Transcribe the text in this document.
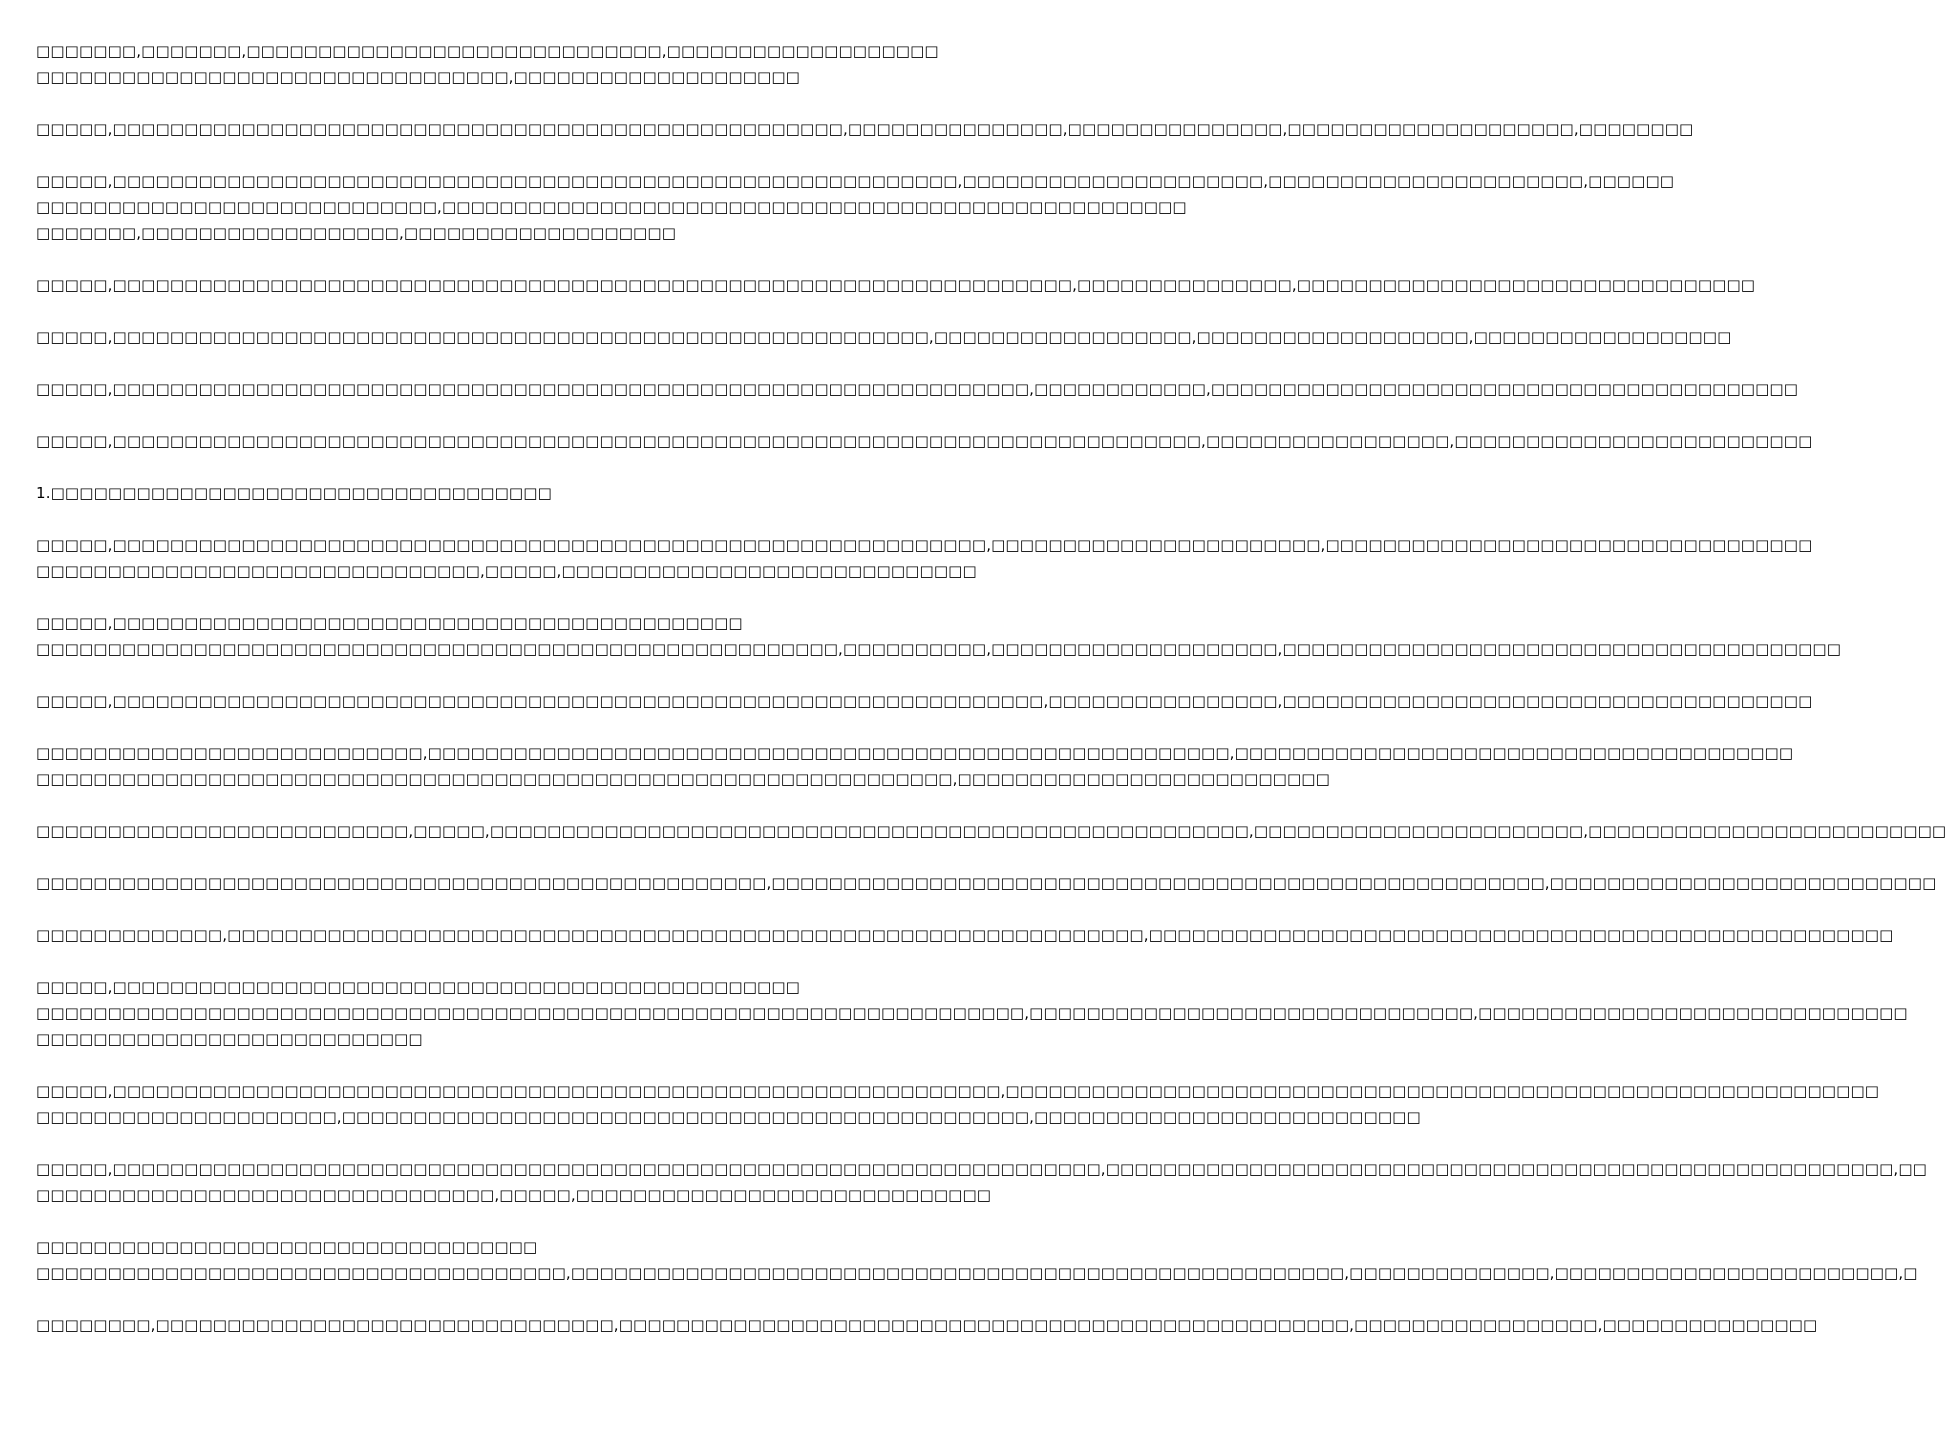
□□□□□□□,□□□□□□□,□□□□□□□□□□□□□□□□□□□□□□□□□□□□□,□□□□□□□□□□□□□□□□□□□
□□□□□□□□□□□□□□□□□□□□□□□□□□□□□□□□□,□□□□□□□□□□□□□□□□□□□□
□□□□□,□□□□□□□□□□□□□□□□□□□□□□□□□□□□□□□□□□□□□□□□□□□□□□□□□□□,□□□□□□□□□□□□□□□,□□□□□□□□□□□□□□□,□□□□□□□□□□□□□□□□□□□□,□□□□□□□□
□□□□□,□□□□□□□□□□□□□□□□□□□□□□□□□□□□□□□□□□□□□□□□□□□□□□□□□□□□□□□□□□□,□□□□□□□□□□□□□□□□□□□□□,□□□□□□□□□□□□□□□□□□□□□□,□□□□□□
□□□□□□□□□□□□□□□□□□□□□□□□□□□□,□□□□□□□□□□□□□□□□□□□□□□□□□□□□□□□□□□□□□□□□□□□□□□□□□□□□
□□□□□□□,□□□□□□□□□□□□□□□□□□,□□□□□□□□□□□□□□□□□□□
□□□□□,□□□□□□□□□□□□□□□□□□□□□□□□□□□□□□□□□□□□□□□□□□□□□□□□□□□□□□□□□□□□□□□□□□□,□□□□□□□□□□□□□□□,□□□□□□□□□□□□□□□□□□□□□□□□□□□□□□□□
□□□□□,□□□□□□□□□□□□□□□□□□□□□□□□□□□□□□□□□□□□□□□□□□□□□□□□□□□□□□□□□,□□□□□□□□□□□□□□□□□□,□□□□□□□□□□□□□□□□□□□,□□□□□□□□□□□□□□□□□□
□□□□□,□□□□□□□□□□□□□□□□□□□□□□□□□□□□□□□□□□□□□□□□□□□□□□□□□□□□□□□□□□□□□□□□,□□□□□□□□□□□□,□□□□□□□□□□□□□□□□□□□□□□□□□□□□□□□□□□□□□□□□□
□□□□□,□□□□□□□□□□□□□□□□□□□□□□□□□□□□□□□□□□□□□□□□□□□□□□□□□□□□□□□□□□□□□□□□□□□□□□□□□□□□,□□□□□□□□□□□□□□□□□,□□□□□□□□□□□□□□□□□□□□□□□□□
1.□□□□□□□□□□□□□□□□□□□□□□□□□□□□□□□□□□□
□□□□□,□□□□□□□□□□□□□□□□□□□□□□□□□□□□□□□□□□□□□□□□□□□□□□□□□□□□□□□□□□□□□,□□□□□□□□□□□□□□□□□□□□□□□,□□□□□□□□□□□□□□□□□□□□□□□□□□□□□□□□□□
□□□□□□□□□□□□□□□□□□□□□□□□□□□□□□□,□□□□□,□□□□□□□□□□□□□□□□□□□□□□□□□□□□□
□□□□□,□□□□□□□□□□□□□□□□□□□□□□□□□□□□□□□□□□□□□□□□□□□□
□□□□□□□□□□□□□□□□□□□□□□□□□□□□□□□□□□□□□□□□□□□□□□□□□□□□□□□□,□□□□□□□□□□,□□□□□□□□□□□□□□□□□□□□,□□□□□□□□□□□□□□□□□□□□□□□□□□□□□□□□□□□□□□□
□□□□□,□□□□□□□□□□□□□□□□□□□□□□□□□□□□□□□□□□□□□□□□□□□□□□□□□□□□□□□□□□□□□□□□□,□□□□□□□□□□□□□□□□,□□□□□□□□□□□□□□□□□□□□□□□□□□□□□□□□□□□□□
□□□□□□□□□□□□□□□□□□□□□□□□□□□,□□□□□□□□□□□□□□□□□□□□□□□□□□□□□□□□□□□□□□□□□□□□□□□□□□□□□□□□,□□□□□□□□□□□□□□□□□□□□□□□□□□□□□□□□□□□□□□□
□□□□□□□□□□□□□□□□□□□□□□□□□□□□□□□□□□□□□□□□□□□□□□□□□□□□□□□□□□□□□□□□,□□□□□□□□□□□□□□□□□□□□□□□□□□
□□□□□□□□□□□□□□□□□□□□□□□□□□,□□□□□,□□□□□□□□□□□□□□□□□□□□□□□□□□□□□□□□□□□□□□□□□□□□□□□□□□□□□,□□□□□□□□□□□□□□□□□□□□□□□,□□□□□□□□□□□□□□□□□□□□□□□□□
□□□□□□□□□□□□□□□□□□□□□□□□□□□□□□□□□□□□□□□□□□□□□□□□□□□,□□□□□□□□□□□□□□□□□□□□□□□□□□□□□□□□□□□□□□□□□□□□□□□□□□□□□□,□□□□□□□□□□□□□□□□□□□□□□□□□□□
□□□□□□□□□□□□□,□□□□□□□□□□□□□□□□□□□□□□□□□□□□□□□□□□□□□□□□□□□□□□□□□□□□□□□□□□□□□□□□,□□□□□□□□□□□□□□□□□□□□□□□□□□□□□□□□□□□□□□□□□□□□□□□□□□□□
□□□□□,□□□□□□□□□□□□□□□□□□□□□□□□□□□□□□□□□□□□□□□□□□□□□□□□
□□□□□□□□□□□□□□□□□□□□□□□□□□□□□□□□□□□□□□□□□□□□□□□□□□□□□□□□□□□□□□□□□□□□□,□□□□□□□□□□□□□□□□□□□□□□□□□□□□□□□,□□□□□□□□□□□□□□□□□□□□□□□□□□□□□□
□□□□□□□□□□□□□□□□□□□□□□□□□□□
□□□□□,□□□□□□□□□□□□□□□□□□□□□□□□□□□□□□□□□□□□□□□□□□□□□□□□□□□□□□□□□□□□□□,□□□□□□□□□□□□□□□□□□□□□□□□□□□□□□□□□□□□□□□□□□□□□□□□□□□□□□□□□□□□□
□□□□□□□□□□□□□□□□□□□□□,□□□□□□□□□□□□□□□□□□□□□□□□□□□□□□□□□□□□□□□□□□□□□□□□,□□□□□□□□□□□□□□□□□□□□□□□□□□□
□□□□□,□□□□□□□□□□□□□□□□□□□□□□□□□□□□□□□□□□□□□□□□□□□□□□□□□□□□□□□□□□□□□□□□□□□□□,□□□□□□□□□□□□□□□□□□□□□□□□□□□□□□□□□□□□□□□□□□□□□□□□□□□□□□□,□□
□□□□□□□□□□□□□□□□□□□□□□□□□□□□□□□□,□□□□□,□□□□□□□□□□□□□□□□□□□□□□□□□□□□□
□□□□□□□□□□□□□□□□□□□□□□□□□□□□□□□□□□□
□□□□□□□□□□□□□□□□□□□□□□□□□□□□□□□□□□□□□,□□□□□□□□□□□□□□□□□□□□□□□□□□□□□□□□□□□□□□□□□□□□□□□□□□□□□□,□□□□□□□□□□□□□□,□□□□□□□□□□□□□□□□□□□□□□□□,□
□□□□□□□□,□□□□□□□□□□□□□□□□□□□□□□□□□□□□□□□□,□□□□□□□□□□□□□□□□□□□□□□□□□□□□□□□□□□□□□□□□□□□□□□□□□□□,□□□□□□□□□□□□□□□□□,□□□□□□□□□□□□□□□
